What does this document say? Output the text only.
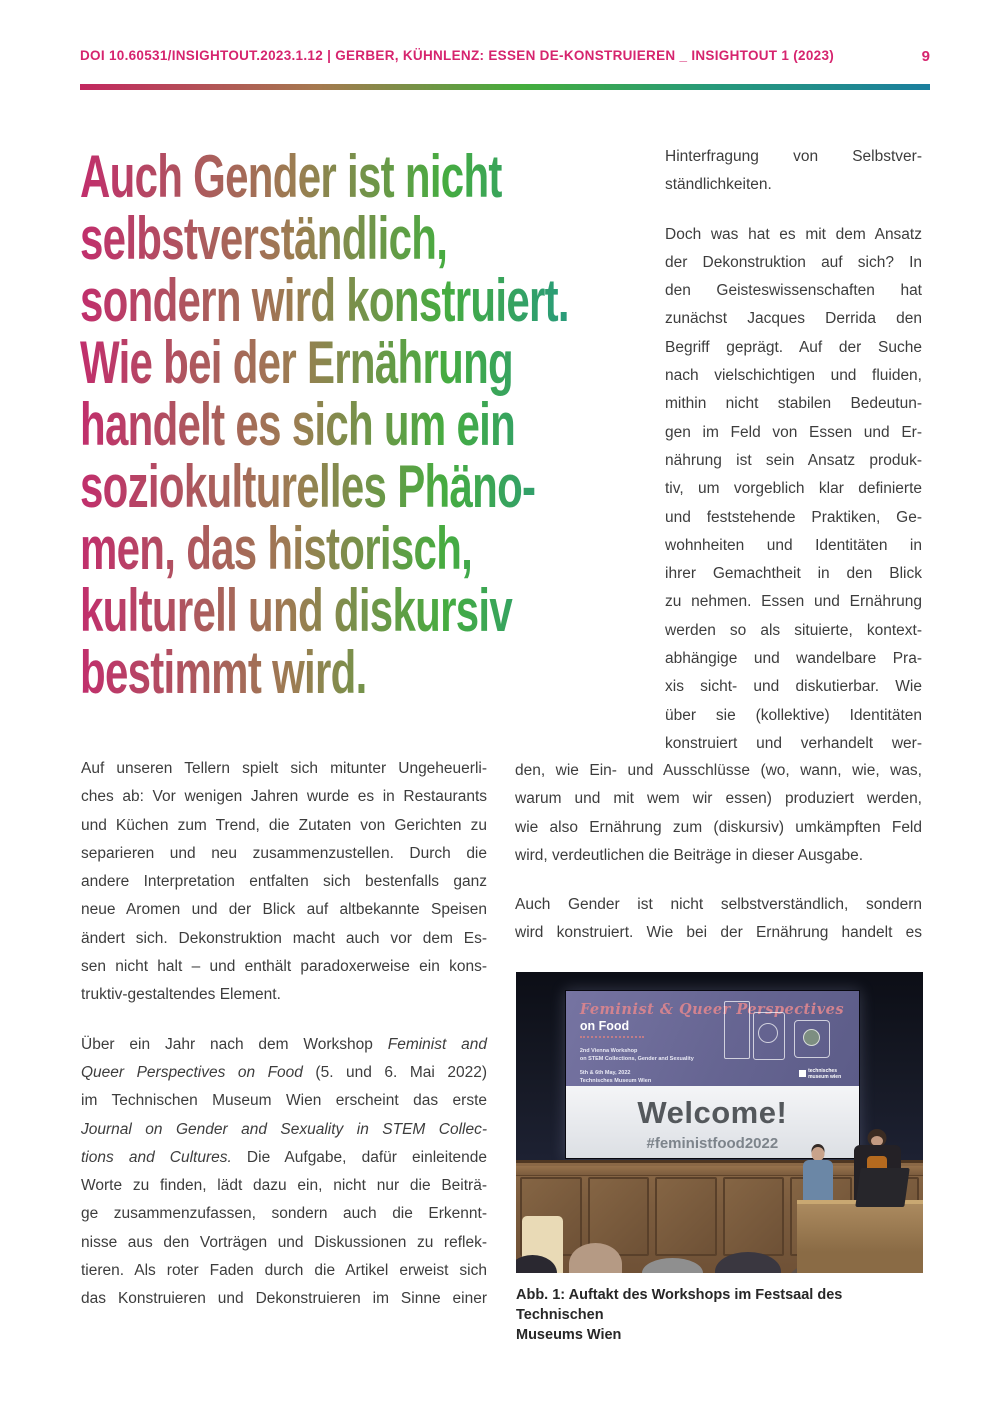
DOI 10.60531/INSIGHTOUT.2023.1.12 | GERBER, KÜHNLENZ: ESSEN DE-KONSTRUIEREN _ INSIGHTOUT 1 (2023)	9
Auch Gender ist nicht
selbstverständlich,
sondern wird konstruiert.
Wie bei der Ernährung
handelt es sich um ein
soziokulturelles Phäno-
men, das historisch,
kulturell und diskursiv
bestimmt wird.
Hinterfragung von Selbstver-
ständlichkeiten.
Doch was hat es mit dem Ansatz
der Dekonstruktion auf sich? In
den Geisteswissenschaften hat
zunächst Jacques Derrida den
Begriff geprägt. Auf der Suche
nach vielschichtigen und fluiden,
mithin nicht stabilen Bedeutun-
gen im Feld von Essen und Er-
nährung ist sein Ansatz produk-
tiv, um vorgeblich klar definierte
und feststehende Praktiken, Ge-
wohnheiten und Identitäten in
ihrer Gemachtheit in den Blick
zu nehmen. Essen und Ernährung
werden so als situierte, kontext-
abhängige und wandelbare Pra-
xis sicht- und diskutierbar. Wie
über sie (kollektive) Identitäten
konstruiert und verhandelt wer-
Auf unseren Tellern spielt sich mitunter Ungeheuerli-
ches ab: Vor wenigen Jahren wurde es in Restaurants
und Küchen zum Trend, die Zutaten von Gerichten zu
separieren und neu zusammenzustellen. Durch die
andere Interpretation entfalten sich bestenfalls ganz
neue Aromen und der Blick auf altbekannte Speisen
ändert sich. Dekonstruktion macht auch vor dem Es-
sen nicht halt – und enthält paradoxerweise ein kons-
truktiv-gestaltendes Element.
Über ein Jahr nach dem Workshop Feminist and
Queer Perspectives on Food (5. und 6. Mai 2022)
im Technischen Museum Wien erscheint das erste
Journal on Gender and Sexuality in STEM Collec-
tions and Cultures. Die Aufgabe, dafür einleitende
Worte zu finden, lädt dazu ein, nicht nur die Beiträ-
ge zusammenzufassen, sondern auch die Erkennt-
nisse aus den Vorträgen und Diskussionen zu reflek-
tieren. Als roter Faden durch die Artikel erweist sich
das Konstruieren und Dekonstruieren im Sinne einer
den, wie Ein- und Ausschlüsse (wo, wann, wie, was,
warum und mit wem wir essen) produziert werden,
wie also Ernährung zum (diskursiv) umkämpften Feld
wird, verdeutlichen die Beiträge in dieser Ausgabe.
Auch Gender ist nicht selbstverständlich, sondern
wird konstruiert. Wie bei der Ernährung handelt es
Feminist & Queer Perspectives
on Food
2nd Vienna Workshop
on STEM Collections, Gender and Sexuality
5th & 6th May, 2022
Technisches Museum Wien
technisches museum wien
Welcome!
#feministfood2022
Abb. 1: Auftakt des Workshops im Festsaal des Technischen
Museums Wien
